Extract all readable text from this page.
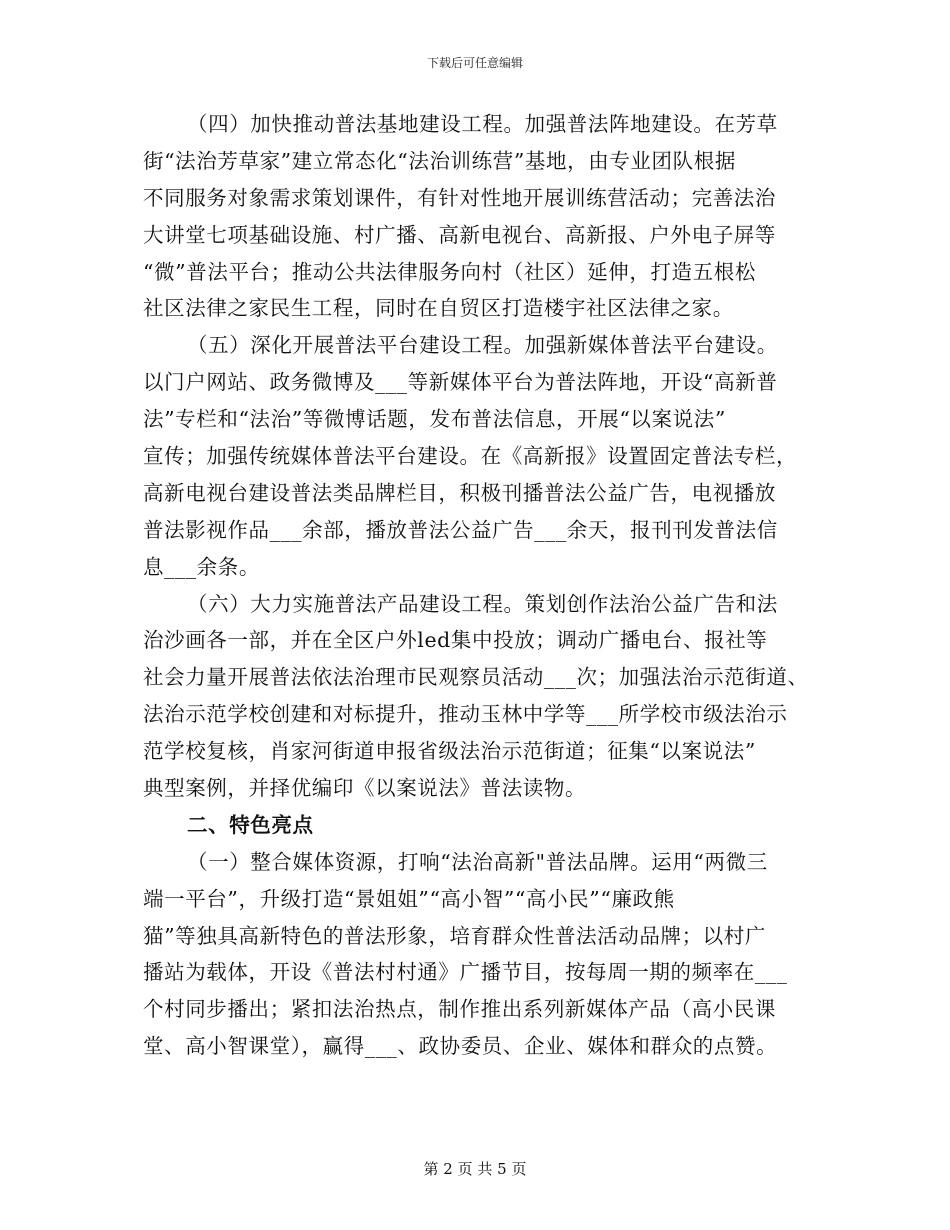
下载后可任意编辑
（四）加快推动普法基地建设工程。加强普法阵地建设。在芳草
街“法治芳草家”建立常态化“法治训练营”基地，由专业团队根据
不同服务对象需求策划课件，有针对性地开展训练营活动；完善法治
大讲堂七项基础设施、村广播、高新电视台、高新报、户外电子屏等
“微”普法平台；推动公共法律服务向村（社区）延伸，打造五根松
社区法律之家民生工程，同时在自贸区打造楼宇社区法律之家。
（五）深化开展普法平台建设工程。加强新媒体普法平台建设。
以门户网站、政务微博及___等新媒体平台为普法阵地，开设“高新普
法”专栏和“法治”等微博话题，发布普法信息，开展“以案说法”
宣传；加强传统媒体普法平台建设。在《高新报》设置固定普法专栏，
高新电视台建设普法类品牌栏目，积极刊播普法公益广告，电视播放
普法影视作品___余部，播放普法公益广告___余天，报刊刊发普法信
息___余条。
（六）大力实施普法产品建设工程。策划创作法治公益广告和法
治沙画各一部，并在全区户外led集中投放；调动广播电台、报社等
社会力量开展普法依法治理市民观察员活动___次；加强法治示范街道、
法治示范学校创建和对标提升，推动玉林中学等___所学校市级法治示
范学校复核，肖家河街道申报省级法治示范街道；征集“以案说法”
典型案例，并择优编印《以案说法》普法读物。
二、特色亮点
（一）整合媒体资源，打响“法治高新"普法品牌。运用“两微三
端一平台”，升级打造“景姐姐”“高小智”“高小民”“廉政熊
猫”等独具高新特色的普法形象，培育群众性普法活动品牌；以村广
播站为载体，开设《普法村村通》广播节目，按每周一期的频率在___
个村同步播出；紧扣法治热点，制作推出系列新媒体产品（高小民课
堂、高小智课堂），赢得___、政协委员、企业、媒体和群众的点赞。
第 2 页 共 5 页
